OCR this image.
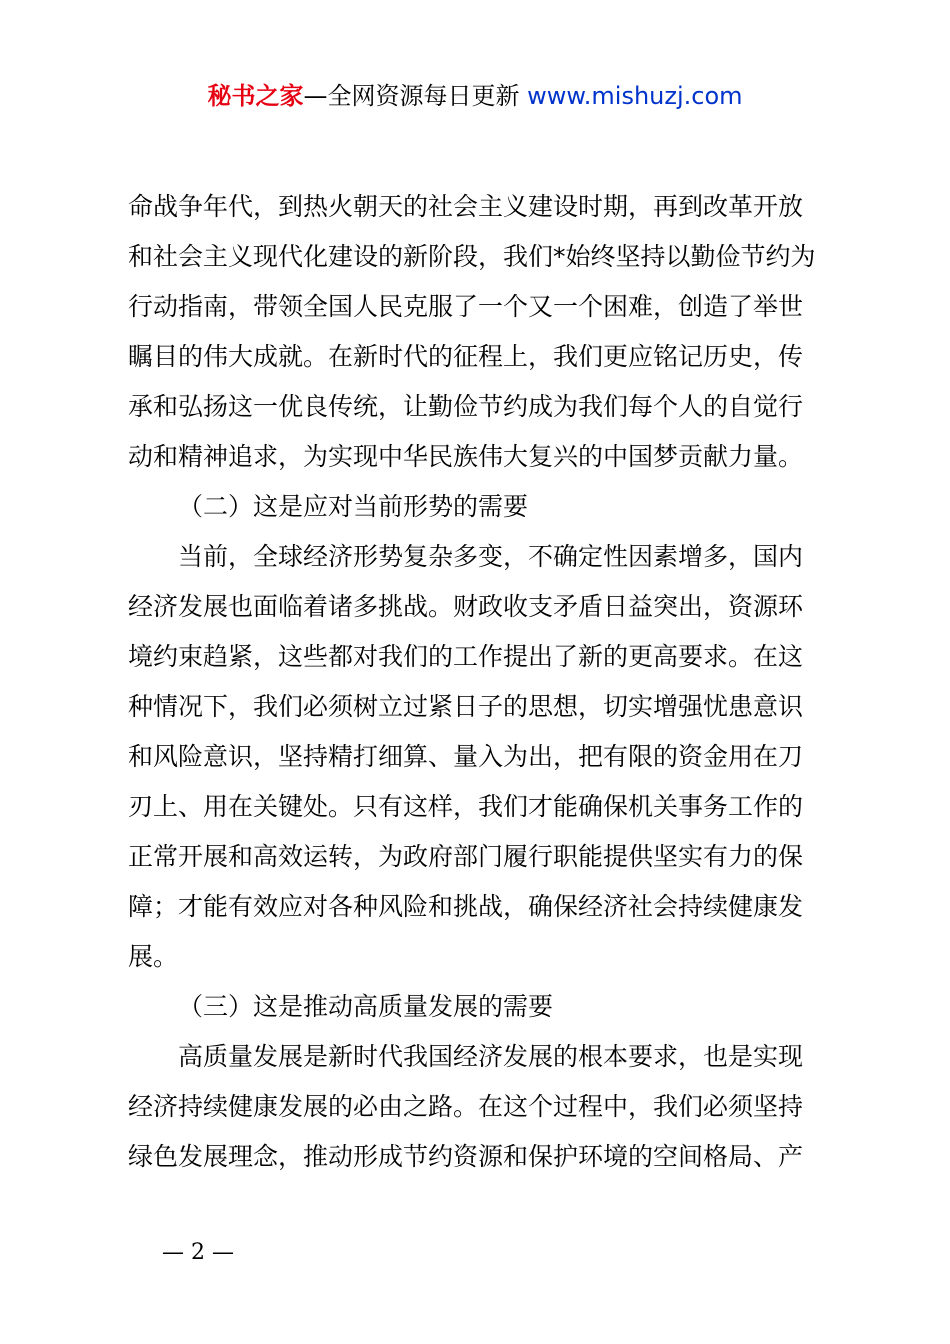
秘书之家—全网资源每日更新 www.mishuzj.com
命战争年代，到热火朝天的社会主义建设时期，再到改革开放
和社会主义现代化建设的新阶段，我们*始终坚持以勤俭节约为
行动指南，带领全国人民克服了一个又一个困难，创造了举世
瞩目的伟大成就。在新时代的征程上，我们更应铭记历史，传
承和弘扬这一优良传统，让勤俭节约成为我们每个人的自觉行
动和精神追求，为实现中华民族伟大复兴的中国梦贡献力量。
（二）这是应对当前形势的需要
当前，全球经济形势复杂多变，不确定性因素增多，国内
经济发展也面临着诸多挑战。财政收支矛盾日益突出，资源环
境约束趋紧，这些都对我们的工作提出了新的更高要求。在这
种情况下，我们必须树立过紧日子的思想，切实增强忧患意识
和风险意识，坚持精打细算、量入为出，把有限的资金用在刀
刃上、用在关键处。只有这样，我们才能确保机关事务工作的
正常开展和高效运转，为政府部门履行职能提供坚实有力的保
障；才能有效应对各种风险和挑战，确保经济社会持续健康发
展。
（三）这是推动高质量发展的需要
高质量发展是新时代我国经济发展的根本要求，也是实现
经济持续健康发展的必由之路。在这个过程中，我们必须坚持
绿色发展理念，推动形成节约资源和保护环境的空间格局、产
— 2 —
